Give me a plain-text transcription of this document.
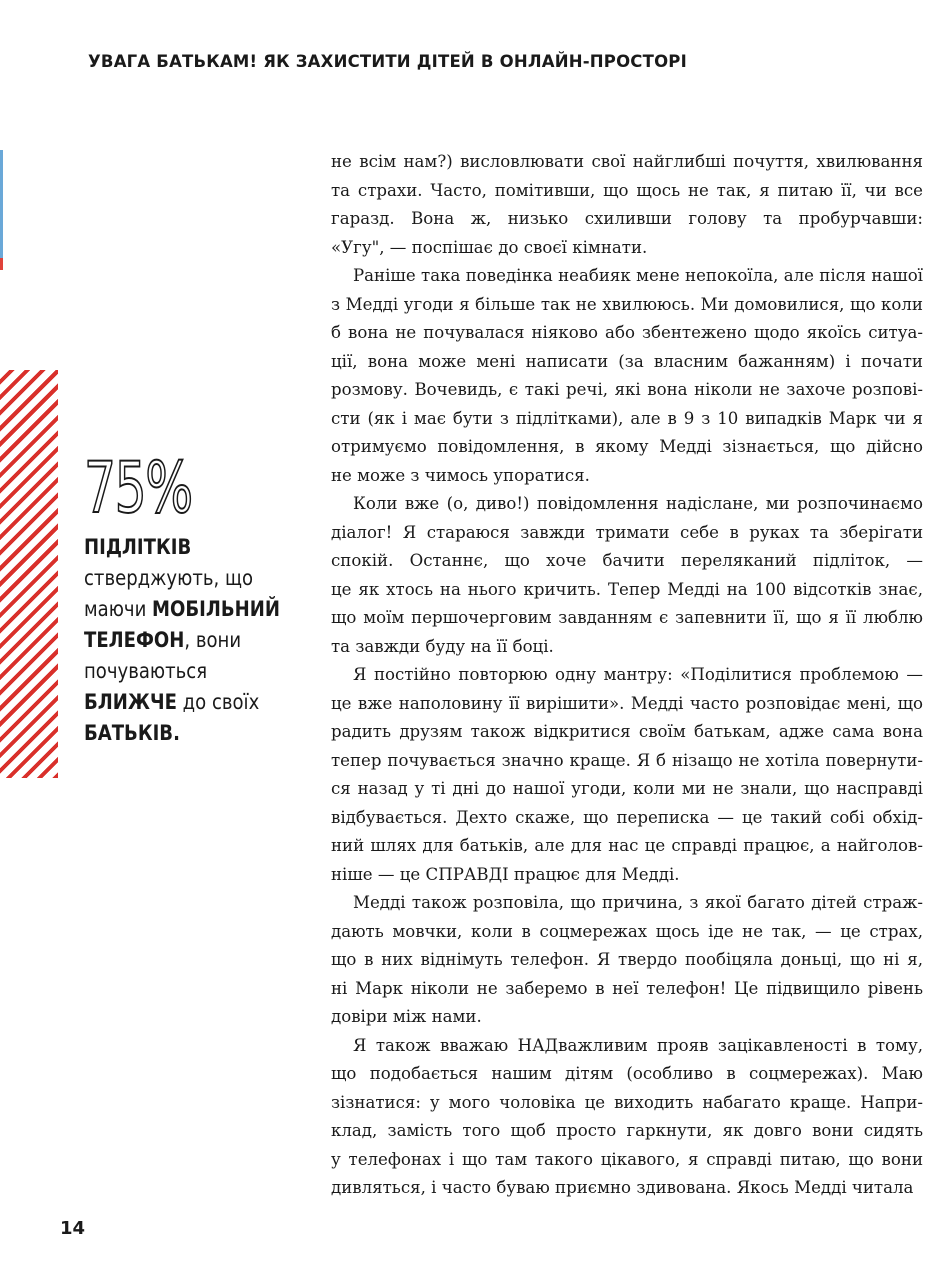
УВАГА БАТЬКАМ! ЯК ЗАХИСТИТИ ДІТЕЙ В ОНЛАЙН-ПРОСТОРІ
75%
ПІДЛІТКІВ
стверджують, що
маючи МОБІЛЬНИЙ
ТЕЛЕФОН, вони
почуваються
БЛИЖЧЕ до своїх
БАТЬКІВ.
не всім нам?) висловлювати свої найглибші почуття, хвилювання
та страхи. Часто, помітивши, що щось не так, я питаю її, чи все
гаразд. Вона ж, низько схиливши голову та пробурчавши:
«Угу", — поспішає до своєї кімнати.
Раніше така поведінка неабияк мене непокоїла, але після нашої
з Медді угоди я більше так не хвилююсь. Ми домовилися, що коли
б вона не почувалася ніяково або збентежено щодо якоїсь ситуа-
ції, вона може мені написати (за власним бажанням) і почати
розмову. Вочевидь, є такі речі, які вона ніколи не захоче розпові-
сти (як і має бути з підлітками), але в 9 з 10 випадків Марк чи я
отримуємо повідомлення, в якому Медді зізнається, що дійсно
не може з чимось упоратися.
Коли вже (о, диво!) повідомлення надіслане, ми розпочинаємо
діалог! Я стараюся завжди тримати себе в руках та зберігати
спокій. Останнє, що хоче бачити переляканий підліток, —
це як хтось на нього кричить. Тепер Медді на 100 відсотків знає,
що моїм першочерговим завданням є запевнити її, що я її люблю
та завжди буду на її боці.
Я постійно повторюю одну мантру: «Поділитися проблемою —
це вже наполовину її вирішити». Медді часто розповідає мені, що
радить друзям також відкритися своїм батькам, адже сама вона
тепер почувається значно краще. Я б нізащо не хотіла повернути-
ся назад у ті дні до нашої угоди, коли ми не знали, що насправді
відбувається. Дехто скаже, що переписка — це такий собі обхід-
ний шлях для батьків, але для нас це справді працює, а найголов-
ніше — це СПРАВДІ працює для Медді.
Медді також розповіла, що причина, з якої багато дітей страж-
дають мовчки, коли в соцмережах щось іде не так, — це страх,
що в них віднімуть телефон. Я твердо пообіцяла доньці, що ні я,
ні Марк ніколи не заберемо в неї телефон! Це підвищило рівень
довіри між нами.
Я також вважаю НАДважливим прояв зацікавленості в тому,
що подобається нашим дітям (особливо в соцмережах). Маю
зізнатися: у мого чоловіка це виходить набагато краще. Напри-
клад, замість того щоб просто гаркнути, як довго вони сидять
у телефонах і що там такого цікавого, я справді питаю, що вони
дивляться, і часто буваю приємно здивована. Якось Медді читала
14
